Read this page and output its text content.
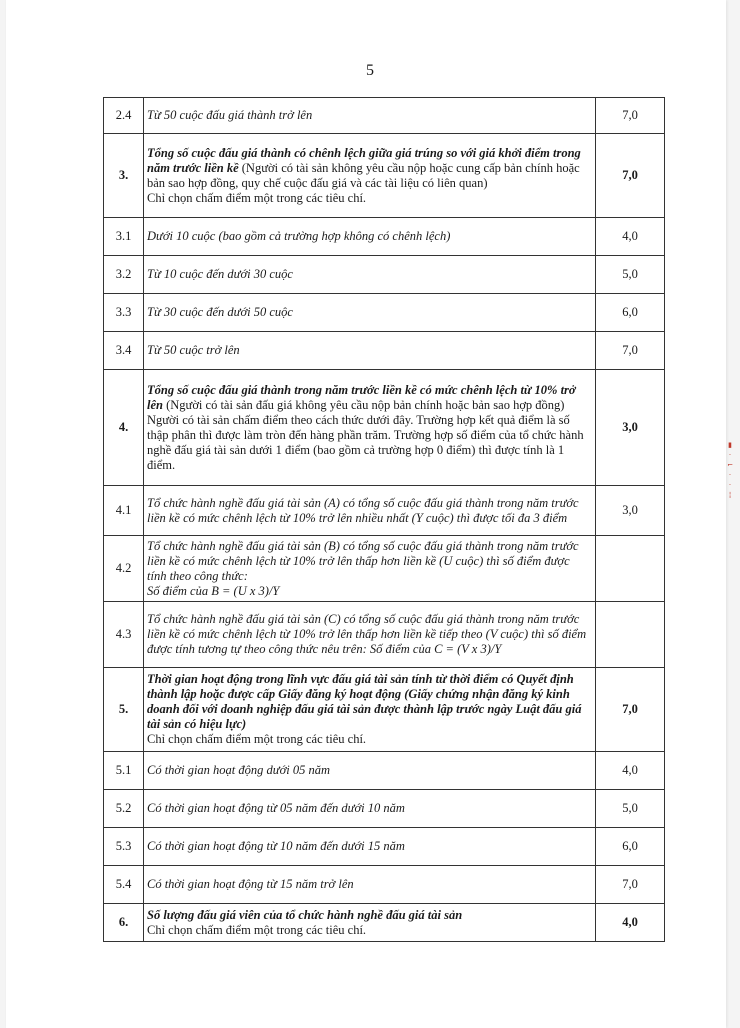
5
2.4	Từ 50 cuộc đấu giá thành trở lên	7,0
3.	Tổng số cuộc đấu giá thành có chênh lệch giữa giá trúng so với giá khởi điểm trong năm trước liền kề (Người có tài sản không yêu cầu nộp hoặc cung cấp bản chính hoặc bản sao hợp đồng, quy chế cuộc đấu giá và các tài liệu có liên quan)
Chỉ chọn chấm điểm một trong các tiêu chí.	7,0
3.1	Dưới 10 cuộc (bao gồm cả trường hợp không có chênh lệch)	4,0
3.2	Từ 10 cuộc đến dưới 30 cuộc	5,0
3.3	Từ 30 cuộc đến dưới 50 cuộc	6,0
3.4	Từ 50 cuộc trở lên	7,0
4.	Tổng số cuộc đấu giá thành trong năm trước liền kề có mức chênh lệch từ 10% trở lên (Người có tài sản đấu giá không yêu cầu nộp bản chính hoặc bản sao hợp đồng)
Người có tài sản chấm điểm theo cách thức dưới đây. Trường hợp kết quả điểm là số thập phân thì được làm tròn đến hàng phần trăm. Trường hợp số điểm của tổ chức hành nghề đấu giá tài sản dưới 1 điểm (bao gồm cả trường hợp 0 điểm) thì được tính là 1 điểm.	3,0
4.1	Tổ chức hành nghề đấu giá tài sản (A) có tổng số cuộc đấu giá thành trong năm trước liền kề có mức chênh lệch từ 10% trở lên nhiều nhất (Y cuộc) thì được tối đa 3 điểm	3,0
4.2	Tổ chức hành nghề đấu giá tài sản (B) có tổng số cuộc đấu giá thành trong năm trước liền kề có mức chênh lệch từ 10% trở lên thấp hơn liền kề (U cuộc) thì số điểm được tính theo công thức:
Số điểm của B = (U x 3)/Y	
4.3	Tổ chức hành nghề đấu giá tài sản (C) có tổng số cuộc đấu giá thành trong năm trước liền kề có mức chênh lệch từ 10% trở lên thấp hơn liền kề tiếp theo (V cuộc) thì số điểm được tính tương tự theo công thức nêu trên: Số điểm của C = (V x 3)/Y	
5.	Thời gian hoạt động trong lĩnh vực đấu giá tài sản tính từ thời điểm có Quyết định thành lập hoặc được cấp Giấy đăng ký hoạt động (Giấy chứng nhận đăng ký kinh doanh đối với doanh nghiệp đấu giá tài sản được thành lập trước ngày Luật đấu giá tài sản có hiệu lực)
Chỉ chọn chấm điểm một trong các tiêu chí.	7,0
5.1	Có thời gian hoạt động dưới 05 năm	4,0
5.2	Có thời gian hoạt động từ 05 năm đến dưới 10 năm	5,0
5.3	Có thời gian hoạt động từ 10 năm đến dưới 15 năm	6,0
5.4	Có thời gian hoạt động từ 15 năm trở lên	7,0
6.	Số lượng đấu giá viên của tổ chức hành nghề đấu giá tài sản
Chỉ chọn chấm điểm một trong các tiêu chí.	4,0
▮
·
⌐
·
·
¦
